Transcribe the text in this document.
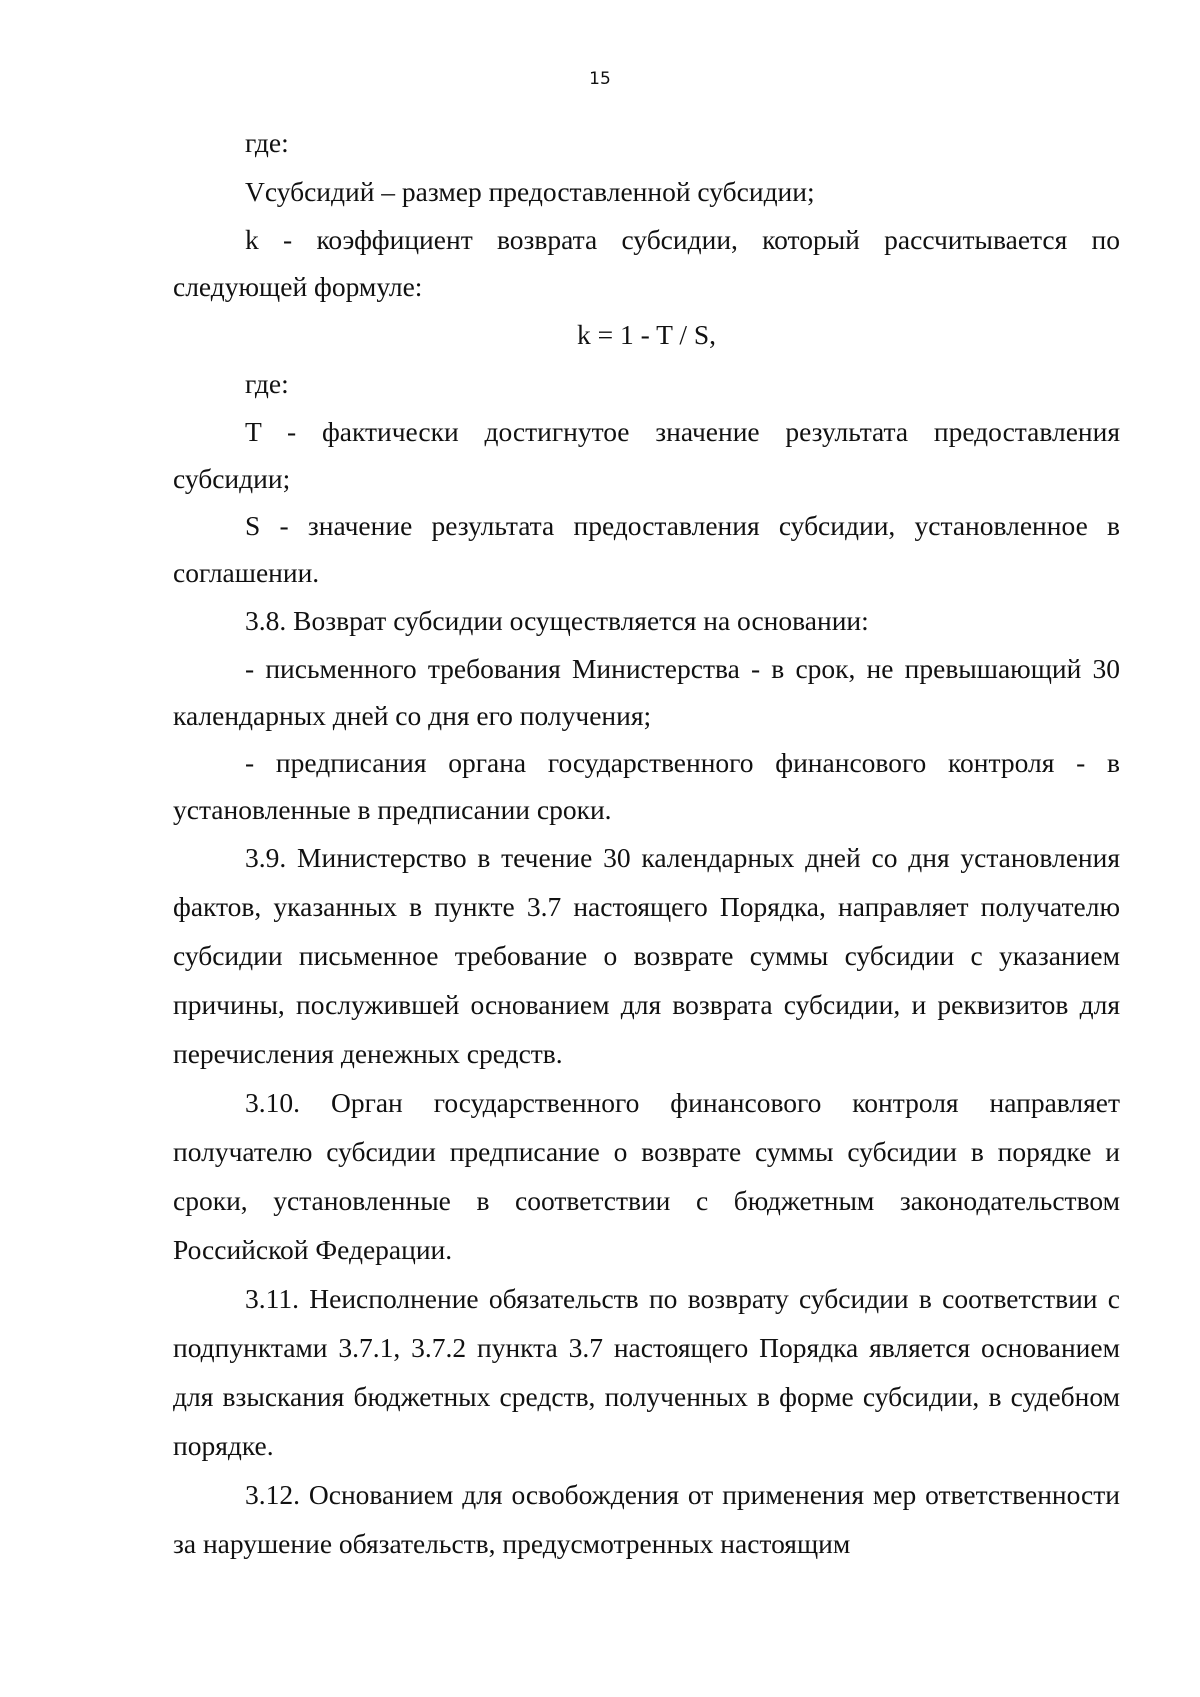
15

где:

Vсубсидий – размер предоставленной субсидии;

k - коэффициент возврата субсидии, который рассчитывается по следующей формуле:

k = 1 - T / S,

где:

T - фактически достигнутое значение результата предоставления субсидии;

S - значение результата предоставления субсидии, установленное в соглашении.

3.8. Возврат субсидии осуществляется на основании:

- письменного требования Министерства - в срок, не превышающий 30 календарных дней со дня его получения;

- предписания органа государственного финансового контроля - в установленные в предписании сроки.

3.9. Министерство в течение 30 календарных дней со дня установления фактов, указанных в пункте 3.7 настоящего Порядка, направляет получателю субсидии письменное требование о возврате суммы субсидии с указанием причины, послужившей основанием для возврата субсидии, и реквизитов для перечисления денежных средств.

3.10. Орган государственного финансового контроля направляет получателю субсидии предписание о возврате суммы субсидии в порядке и сроки, установленные в соответствии с бюджетным законодательством Российской Федерации.

3.11. Неисполнение обязательств по возврату субсидии в соответствии с подпунктами 3.7.1, 3.7.2 пункта 3.7 настоящего Порядка является основанием для взыскания бюджетных средств, полученных в форме субсидии, в судебном порядке.

3.12. Основанием для освобождения от применения мер ответственности за нарушение обязательств, предусмотренных настоящим
